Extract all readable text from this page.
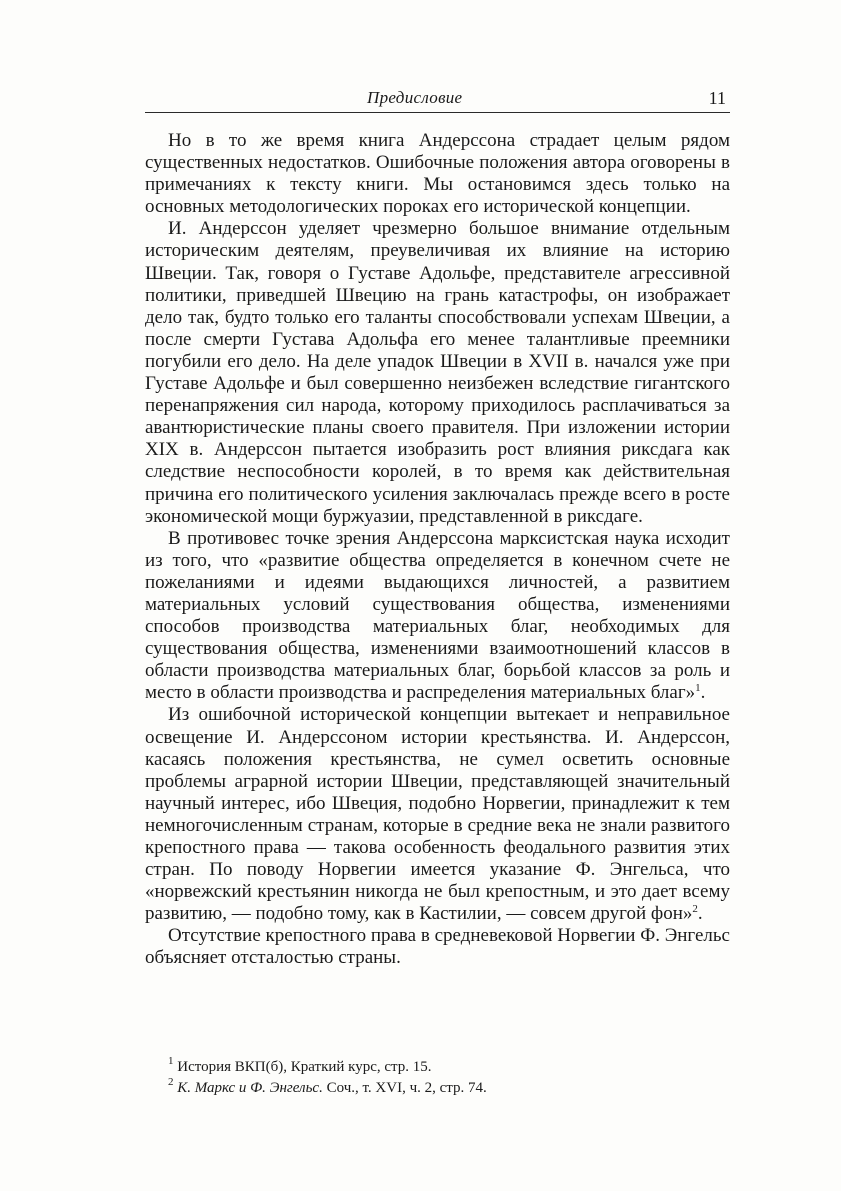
Предисловие	11

Но в то же время книга Андерссона страдает целым рядом существенных недостатков. Ошибочные положения автора оговорены в примечаниях к тексту книги. Мы остановимся здесь только на основных методологических пороках его исторической концепции.

И. Андерссон уделяет чрезмерно большое внимание отдельным историческим деятелям, преувеличивая их влияние на историю Швеции. Так, говоря о Густаве Адольфе, представителе агрессивной политики, приведшей Швецию на грань катастрофы, он изображает дело так, будто только его таланты способствовали успехам Швеции, а после смерти Густава Адольфа его менее талантливые преемники погубили его дело. На деле упадок Швеции в XVII в. начался уже при Густаве Адольфе и был совершенно неизбежен вследствие гигантского перенапряжения сил народа, которому приходилось расплачиваться за авантюристические планы своего правителя. При изложении истории XIX в. Андерссон пытается изобразить рост влияния риксдага как следствие неспособности королей, в то время как действительная причина его политического усиления заключалась прежде всего в росте экономической мощи буржуазии, представленной в риксдаге.

В противовес точке зрения Андерссона марксистская наука исходит из того, что «развитие общества определяется в конечном счете не пожеланиями и идеями выдающихся личностей, а развитием материальных условий существования общества, изменениями способов производства материальных благ, необходимых для существования общества, изменениями взаимоотношений классов в области производства материальных благ, борьбой классов за роль и место в области производства и распределения материальных благ»$^1$.

Из ошибочной исторической концепции вытекает и неправильное освещение И. Андерссоном истории крестьянства. И. Андерссон, касаясь положения крестьянства, не сумел осветить основные проблемы аграрной истории Швеции, представляющей значительный научный интерес, ибо Швеция, подобно Норвегии, принадлежит к тем немногочисленным странам, которые в средние века не знали развитого крепостного права — такова особенность феодального развития этих стран. По поводу Норвегии имеется указание Ф. Энгельса, что «норвежский крестьянин никогда не был крепостным, и это дает всему развитию, — подобно тому, как в Кастилии, — совсем другой фон»$^2$.

Отсутствие крепостного права в средневековой Норвегии Ф. Энгельс объясняет отсталостью страны.

$^1$ История ВКП(б), Краткий курс, стр. 15.
$^2$ К. Маркс и Ф. Энгельс. Соч., т. XVI, ч. 2, стр. 74.
